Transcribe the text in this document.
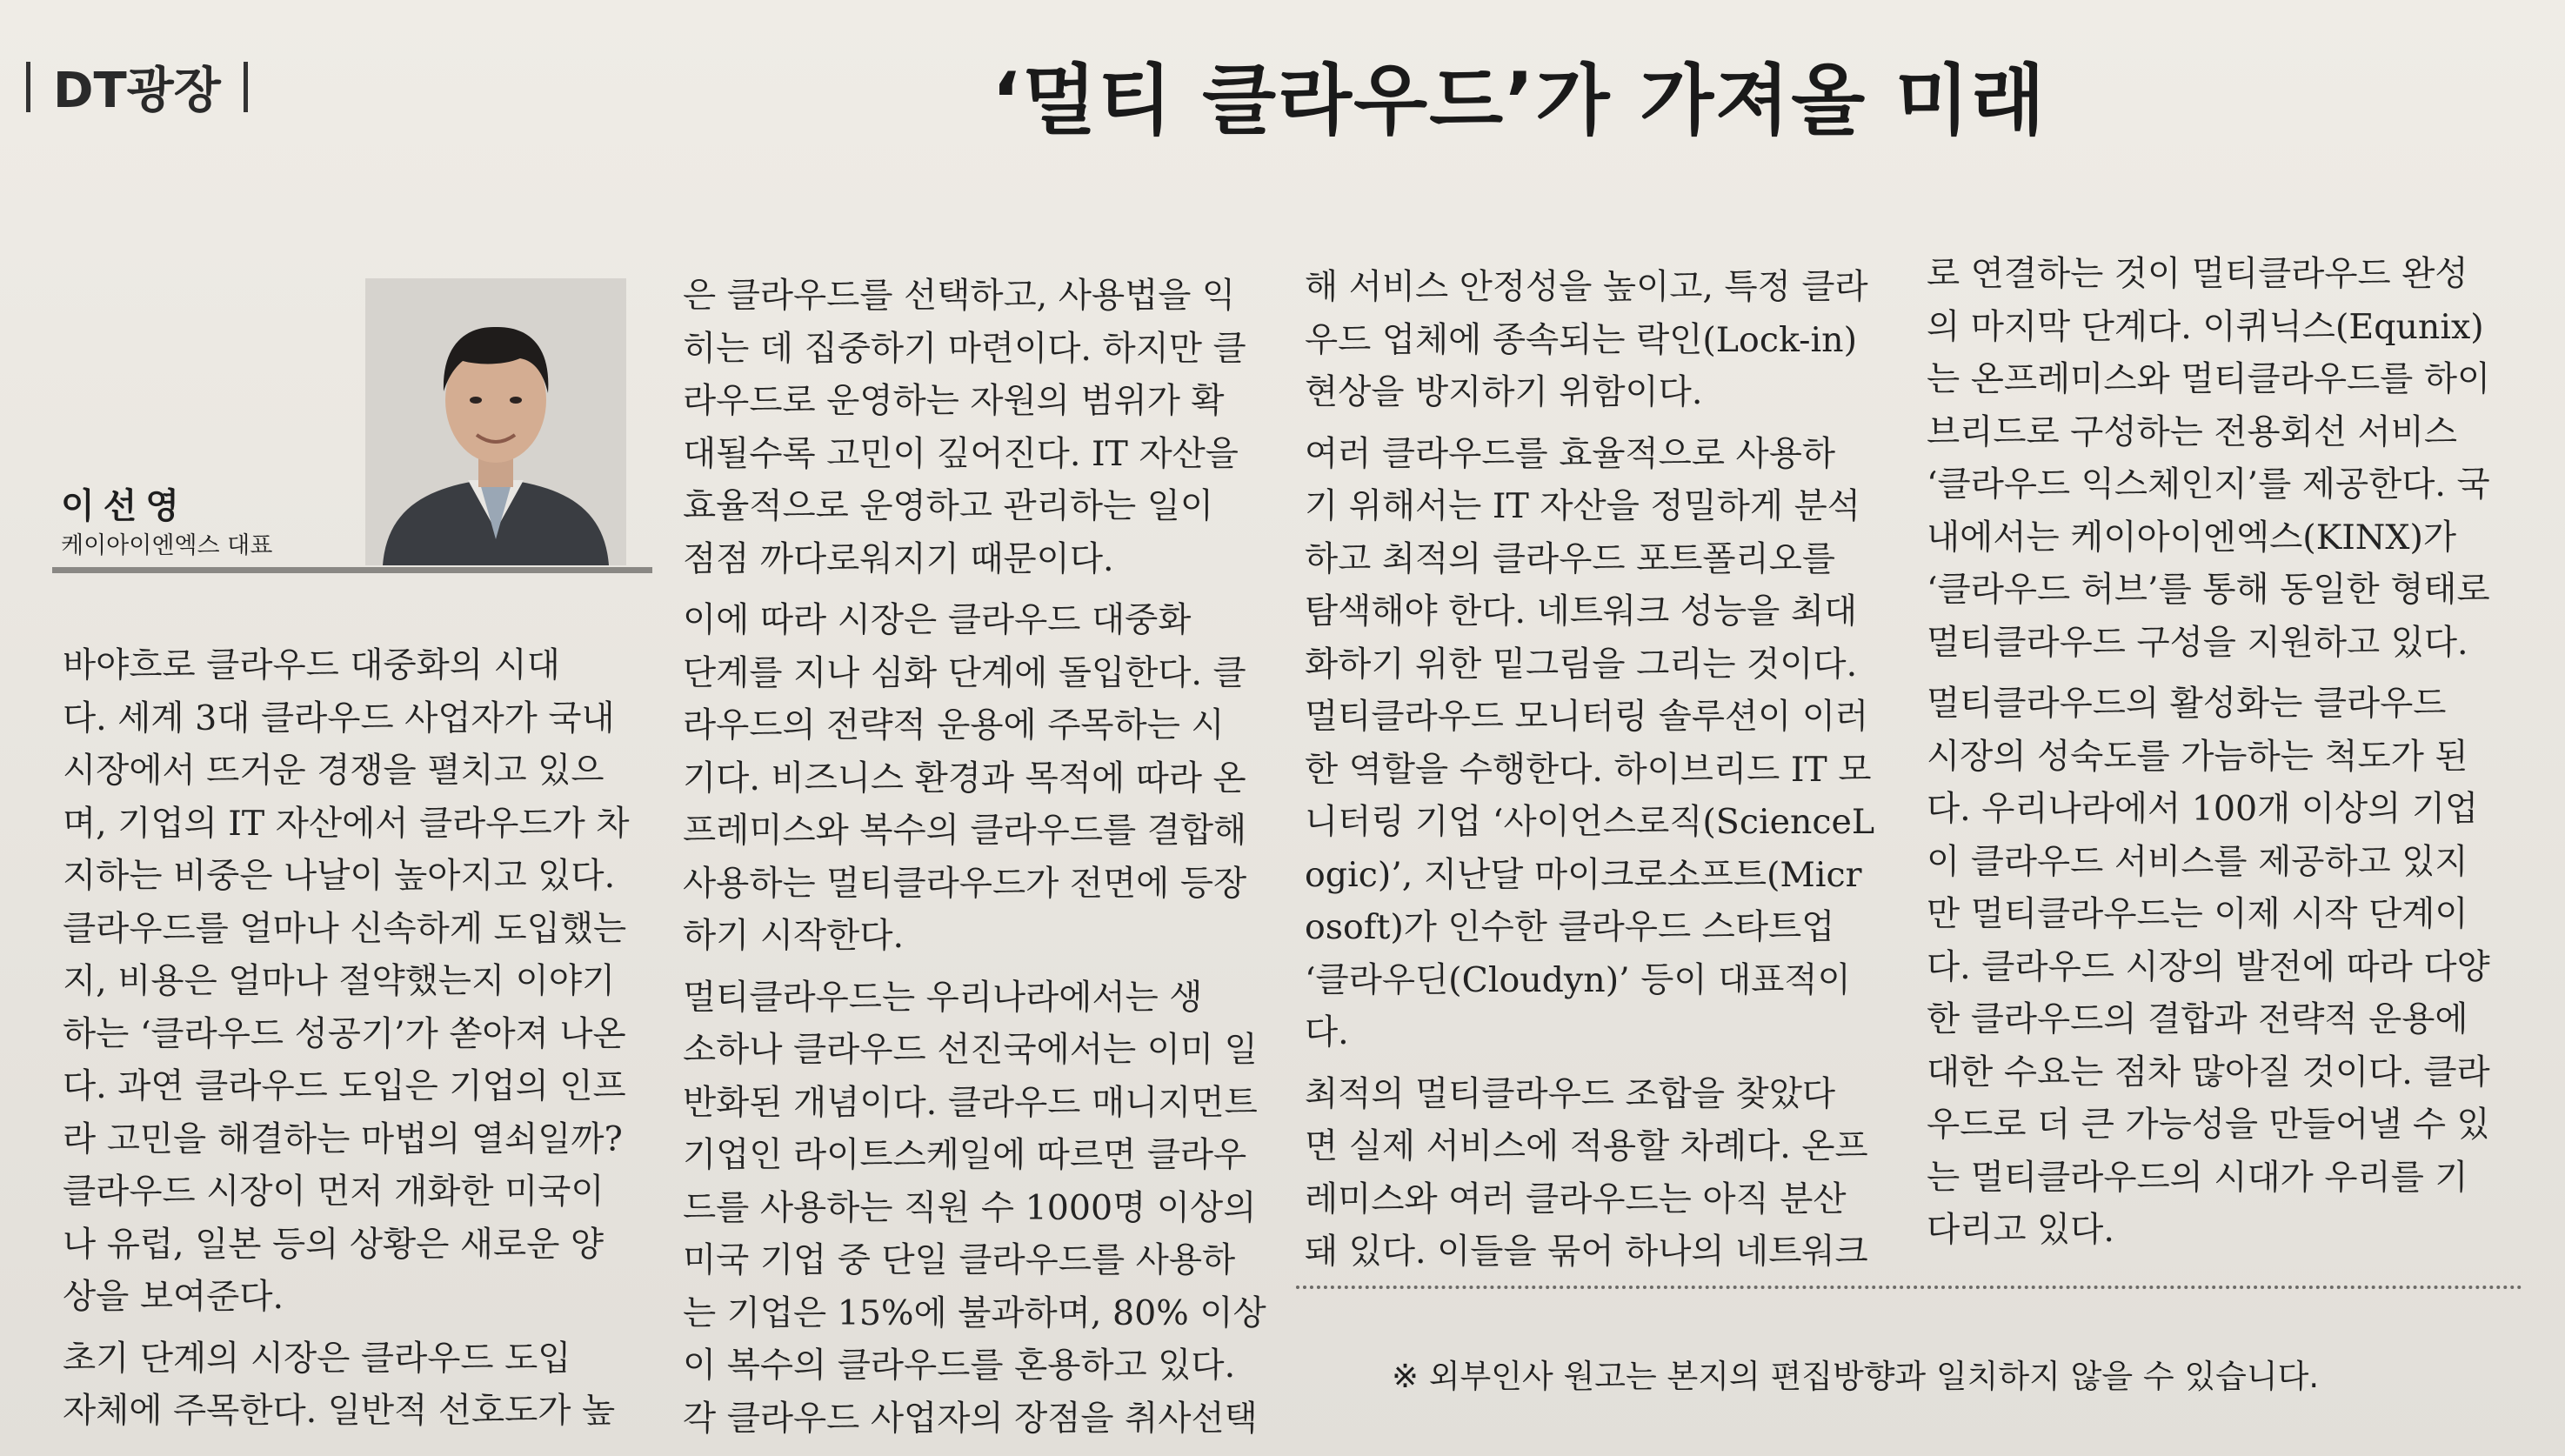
DT광장	‘멀티 클라우드’가 가져올 미래
이선영
케이아이엔엑스 대표

바야흐로 클라우드 대중화의 시대
다. 세계 3대 클라우드 사업자가 국내
시장에서 뜨거운 경쟁을 펼치고 있으
며, 기업의 IT 자산에서 클라우드가 차
지하는 비중은 나날이 높아지고 있다.
클라우드를 얼마나 신속하게 도입했는
지, 비용은 얼마나 절약했는지 이야기
하는 ‘클라우드 성공기’가 쏟아져 나온
다. 과연 클라우드 도입은 기업의 인프
라 고민을 해결하는 마법의 열쇠일까?
클라우드 시장이 먼저 개화한 미국이
나 유럽, 일본 등의 상황은 새로운 양
상을 보여준다.

초기 단계의 시장은 클라우드 도입
자체에 주목한다. 일반적 선호도가 높

은 클라우드를 선택하고, 사용법을 익
히는 데 집중하기 마련이다. 하지만 클
라우드로 운영하는 자원의 범위가 확
대될수록 고민이 깊어진다. IT 자산을
효율적으로 운영하고 관리하는 일이
점점 까다로워지기 때문이다.

이에 따라 시장은 클라우드 대중화
단계를 지나 심화 단계에 돌입한다. 클
라우드의 전략적 운용에 주목하는 시
기다. 비즈니스 환경과 목적에 따라 온
프레미스와 복수의 클라우드를 결합해
사용하는 멀티클라우드가 전면에 등장
하기 시작한다.

멀티클라우드는 우리나라에서는 생
소하나 클라우드 선진국에서는 이미 일
반화된 개념이다. 클라우드 매니지먼트
기업인 라이트스케일에 따르면 클라우
드를 사용하는 직원 수 1000명 이상의
미국 기업 중 단일 클라우드를 사용하
는 기업은 15%에 불과하며, 80% 이상
이 복수의 클라우드를 혼용하고 있다.
각 클라우드 사업자의 장점을 취사선택

해 서비스 안정성을 높이고, 특정 클라
우드 업체에 종속되는 락인(Lock-in)
현상을 방지하기 위함이다.

여러 클라우드를 효율적으로 사용하
기 위해서는 IT 자산을 정밀하게 분석
하고 최적의 클라우드 포트폴리오를
탐색해야 한다. 네트워크 성능을 최대
화하기 위한 밑그림을 그리는 것이다.
멀티클라우드 모니터링 솔루션이 이러
한 역할을 수행한다. 하이브리드 IT 모
니터링 기업 ‘사이언스로직(ScienceL
ogic)’, 지난달 마이크로소프트(Micr
osoft)가 인수한 클라우드 스타트업
‘클라우딘(Cloudyn)’ 등이 대표적이
다.

최적의 멀티클라우드 조합을 찾았다
면 실제 서비스에 적용할 차례다. 온프
레미스와 여러 클라우드는 아직 분산
돼 있다. 이들을 묶어 하나의 네트워크

로 연결하는 것이 멀티클라우드 완성
의 마지막 단계다. 이퀴닉스(Equnix)
는 온프레미스와 멀티클라우드를 하이
브리드로 구성하는 전용회선 서비스
‘클라우드 익스체인지’를 제공한다. 국
내에서는 케이아이엔엑스(KINX)가
‘클라우드 허브’를 통해 동일한 형태로
멀티클라우드 구성을 지원하고 있다.

멀티클라우드의 활성화는 클라우드
시장의 성숙도를 가늠하는 척도가 된
다. 우리나라에서 100개 이상의 기업
이 클라우드 서비스를 제공하고 있지
만 멀티클라우드는 이제 시작 단계이
다. 클라우드 시장의 발전에 따라 다양
한 클라우드의 결합과 전략적 운용에
대한 수요는 점차 많아질 것이다. 클라
우드로 더 큰 가능성을 만들어낼 수 있
는 멀티클라우드의 시대가 우리를 기
다리고 있다.

※ 외부인사 원고는 본지의 편집방향과 일치하지 않을 수 있습니다.
